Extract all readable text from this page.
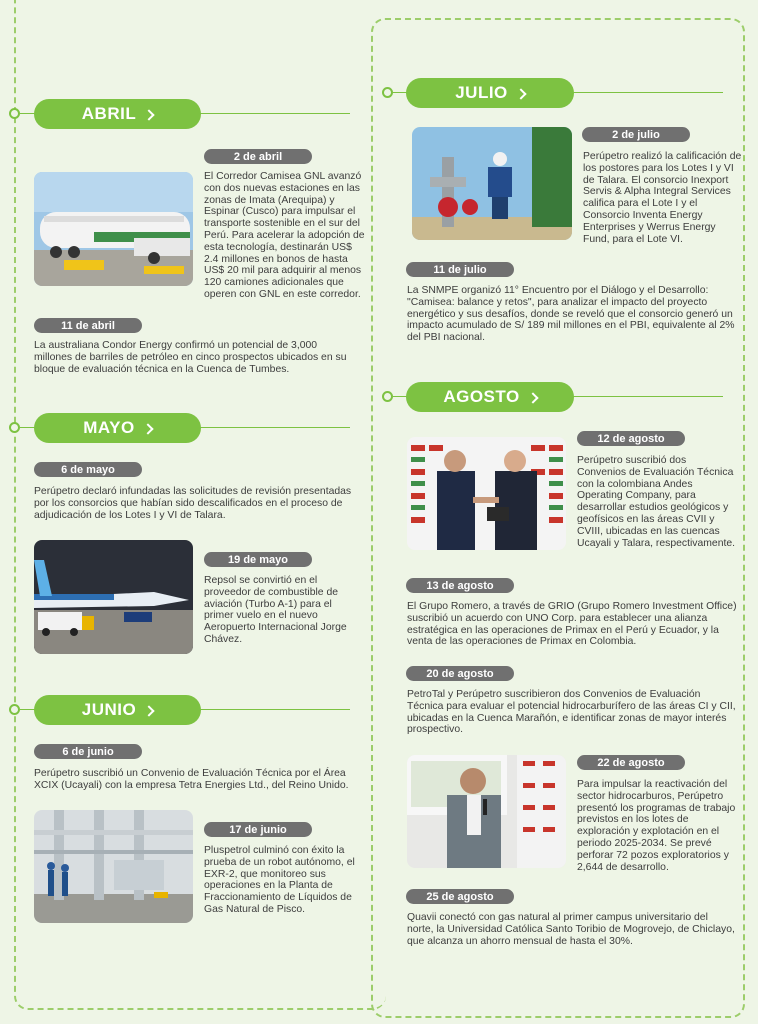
ABRIL
2 de abril
El Corredor Camisea GNL avanzó con dos nuevas estaciones en las zonas de Imata (Arequipa) y Espinar (Cusco) para impulsar el transporte sostenible en el sur del Perú. Para acelerar la adopción de esta tecnología, destinarán US$ 2.4 millones en bonos de hasta US$ 20 mil para adquirir al menos 120 camiones adicionales que operen con GNL en este corredor.
11 de abril
La australiana Condor Energy confirmó un potencial de 3,000 millones de barriles de petróleo en cinco prospectos ubicados en su bloque de evaluación técnica en la Cuenca de Tumbes.
MAYO
6 de mayo
Perúpetro declaró infundadas las solicitudes de revisión presentadas por los consorcios que habían sido descalificados en el proceso de adjudicación de los Lotes I y VI de Talara.
19 de mayo
Repsol se convirtió en el proveedor de combustible de aviación (Turbo A-1) para el primer vuelo en el nuevo Aeropuerto Internacional Jorge Chávez.
JUNIO
6 de junio
Perúpetro suscribió un Convenio de Evaluación Técnica por el Área XCIX (Ucayali) con la empresa Tetra Energies Ltd., del Reino Unido.
17 de junio
Pluspetrol culminó con éxito la prueba de un robot autónomo, el EXR-2, que monitoreo sus operaciones en la Planta de Fraccionamiento de Líquidos de Gas Natural de Pisco.
JULIO
2 de julio
Perúpetro realizó la calificación de los postores para los Lotes I y VI de Talara. El consorcio Inexport Servis & Alpha Integral Services califica para el Lote I y el Consorcio Inventa Energy Enterprises y Werrus Energy Fund, para el Lote VI.
11 de julio
La SNMPE organizó 11° Encuentro por el Diálogo y el Desarrollo: "Camisea: balance y retos", para analizar el impacto del proyecto energético y sus desafíos, donde se reveló que el consorcio generó un impacto acumulado de S/ 189 mil millones en el PBI, equivalente al 2% del PBI nacional.
AGOSTO
12 de agosto
Perúpetro suscribió dos Convenios de Evaluación Técnica con la colombiana Andes Operating Company, para desarrollar estudios geológicos y geofísicos en las áreas CVII y CVIII, ubicadas en las cuencas Ucayali y Talara, respectivamente.
13 de agosto
El Grupo Romero, a través de GRIO (Grupo Romero Investment Office) suscribió un acuerdo con UNO Corp. para establecer una alianza estratégica en las operaciones de Primax en el Perú y Ecuador, y la venta de las operaciones de Primax en Colombia.
20 de agosto
PetroTal y Perúpetro suscribieron dos Convenios de Evaluación Técnica para evaluar el potencial hidrocarburífero de las áreas CI y CII, ubicadas en la Cuenca Marañón, e identificar zonas de mayor interés prospectivo.
22 de agosto
Para impulsar la reactivación del sector hidrocarburos, Perúpetro presentó los programas de trabajo previstos en los lotes de exploración y explotación en el periodo 2025-2034. Se prevé perforar 72 pozos exploratorios y 2,644 de desarrollo.
25 de agosto
Quavii conectó con gas natural al primer campus universitario del norte, la Universidad Católica Santo Toribio de Mogrovejo, de Chiclayo, que alcanza un ahorro mensual de hasta el 30%.
